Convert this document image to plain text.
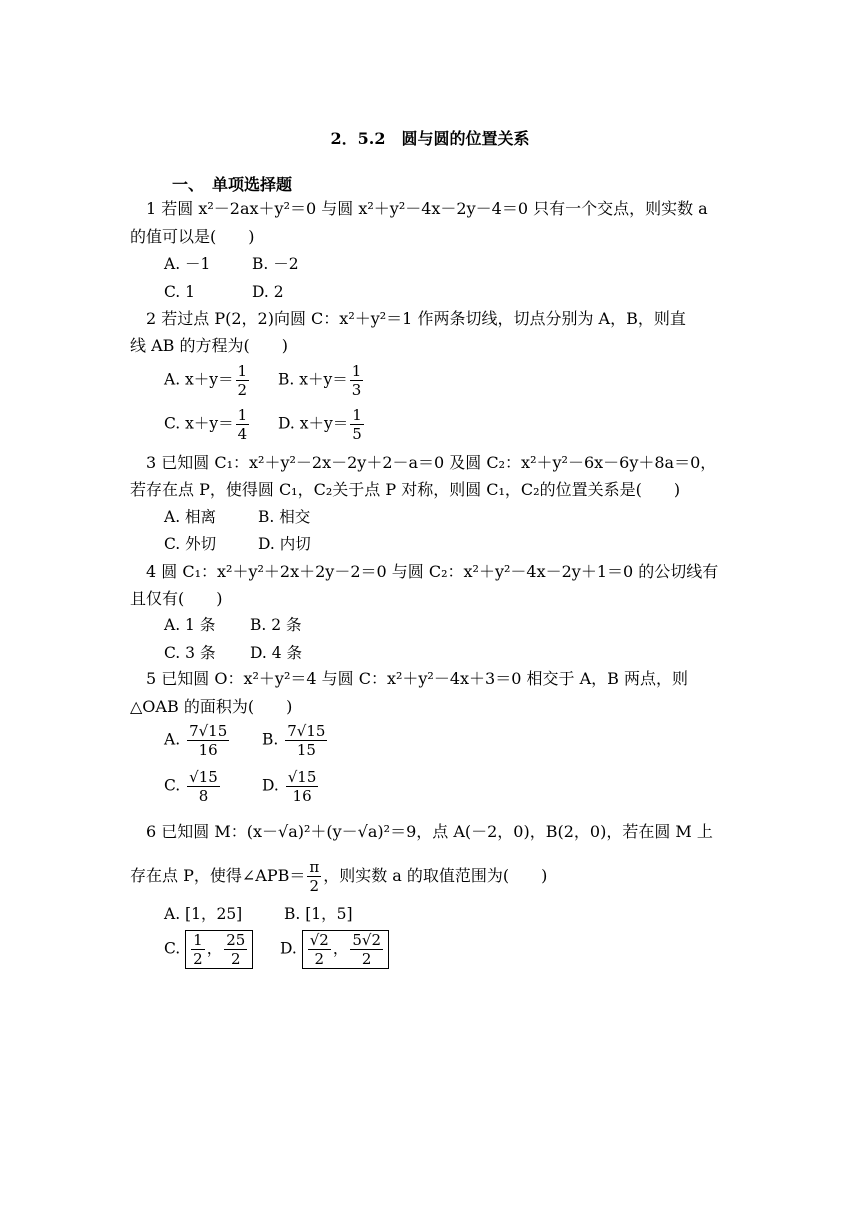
2．5.2　圆与圆的位置关系
一、　单项选择题
1 若圆 x²－2ax＋y²＝0 与圆 x²＋y²－4x－2y－4＝0 只有一个交点，则实数 a
的值可以是(　　)
A. －1	B. －2
C. 1	D. 2
2 若过点 P(2，2)向圆 C：x²＋y²＝1 作两条切线，切点分别为 A，B，则直
线 AB 的方程为(　　)
A. $x+y= \frac{1}{2} B$. $x+y= \frac{1}{3}$
C. $x+y= \frac{1}{4} D$. $x+y= \frac{1}{5}$
3 已知圆 C₁：x²＋y²－2x－2y＋2－a＝0 及圆 C₂：x²＋y²－6x－6y＋8a＝0，
若存在点 P，使得圆 C₁，C₂关于点 P 对称，则圆 C₁，C₂的位置关系是(　　)
A. 相离	B. 相交
C. 外切	D. 内切
4 圆 C₁：x²＋y²＋2x＋2y－2＝0 与圆 C₂：x²＋y²－4x－2y＋1＝0 的公切线有
且仅有(　　)
A. 1 条 B. 2 条
C. 3 条 D. 4 条
5 已知圆 O：x²＋y²＝4 与圆 C：x²＋y²－4x＋3＝0 相交于 A，B 两点，则
△OAB 的面积为(　　)
A. $\frac{7√15}{16} B$. $\frac{7√15}{15}$
C. $\frac{√15}{8}$	D. $\frac{√15}{16}$
6 已知圆 M：(x－√a)²＋(y－√a)²＝9，点 A(－2，0)，B(2，0)，若在圆 M 上
存在点 P，使得∠APB＝ $\frac{\pi}{2}$ ，则实数 a 的取值范围为(　　)
A. [1，25]	B. [1，5]
C. $\frac{1}{2}$ ， $\frac{25}{2} D$. $\frac{√2}{2}$ ， $\frac{5√2}{2}$
